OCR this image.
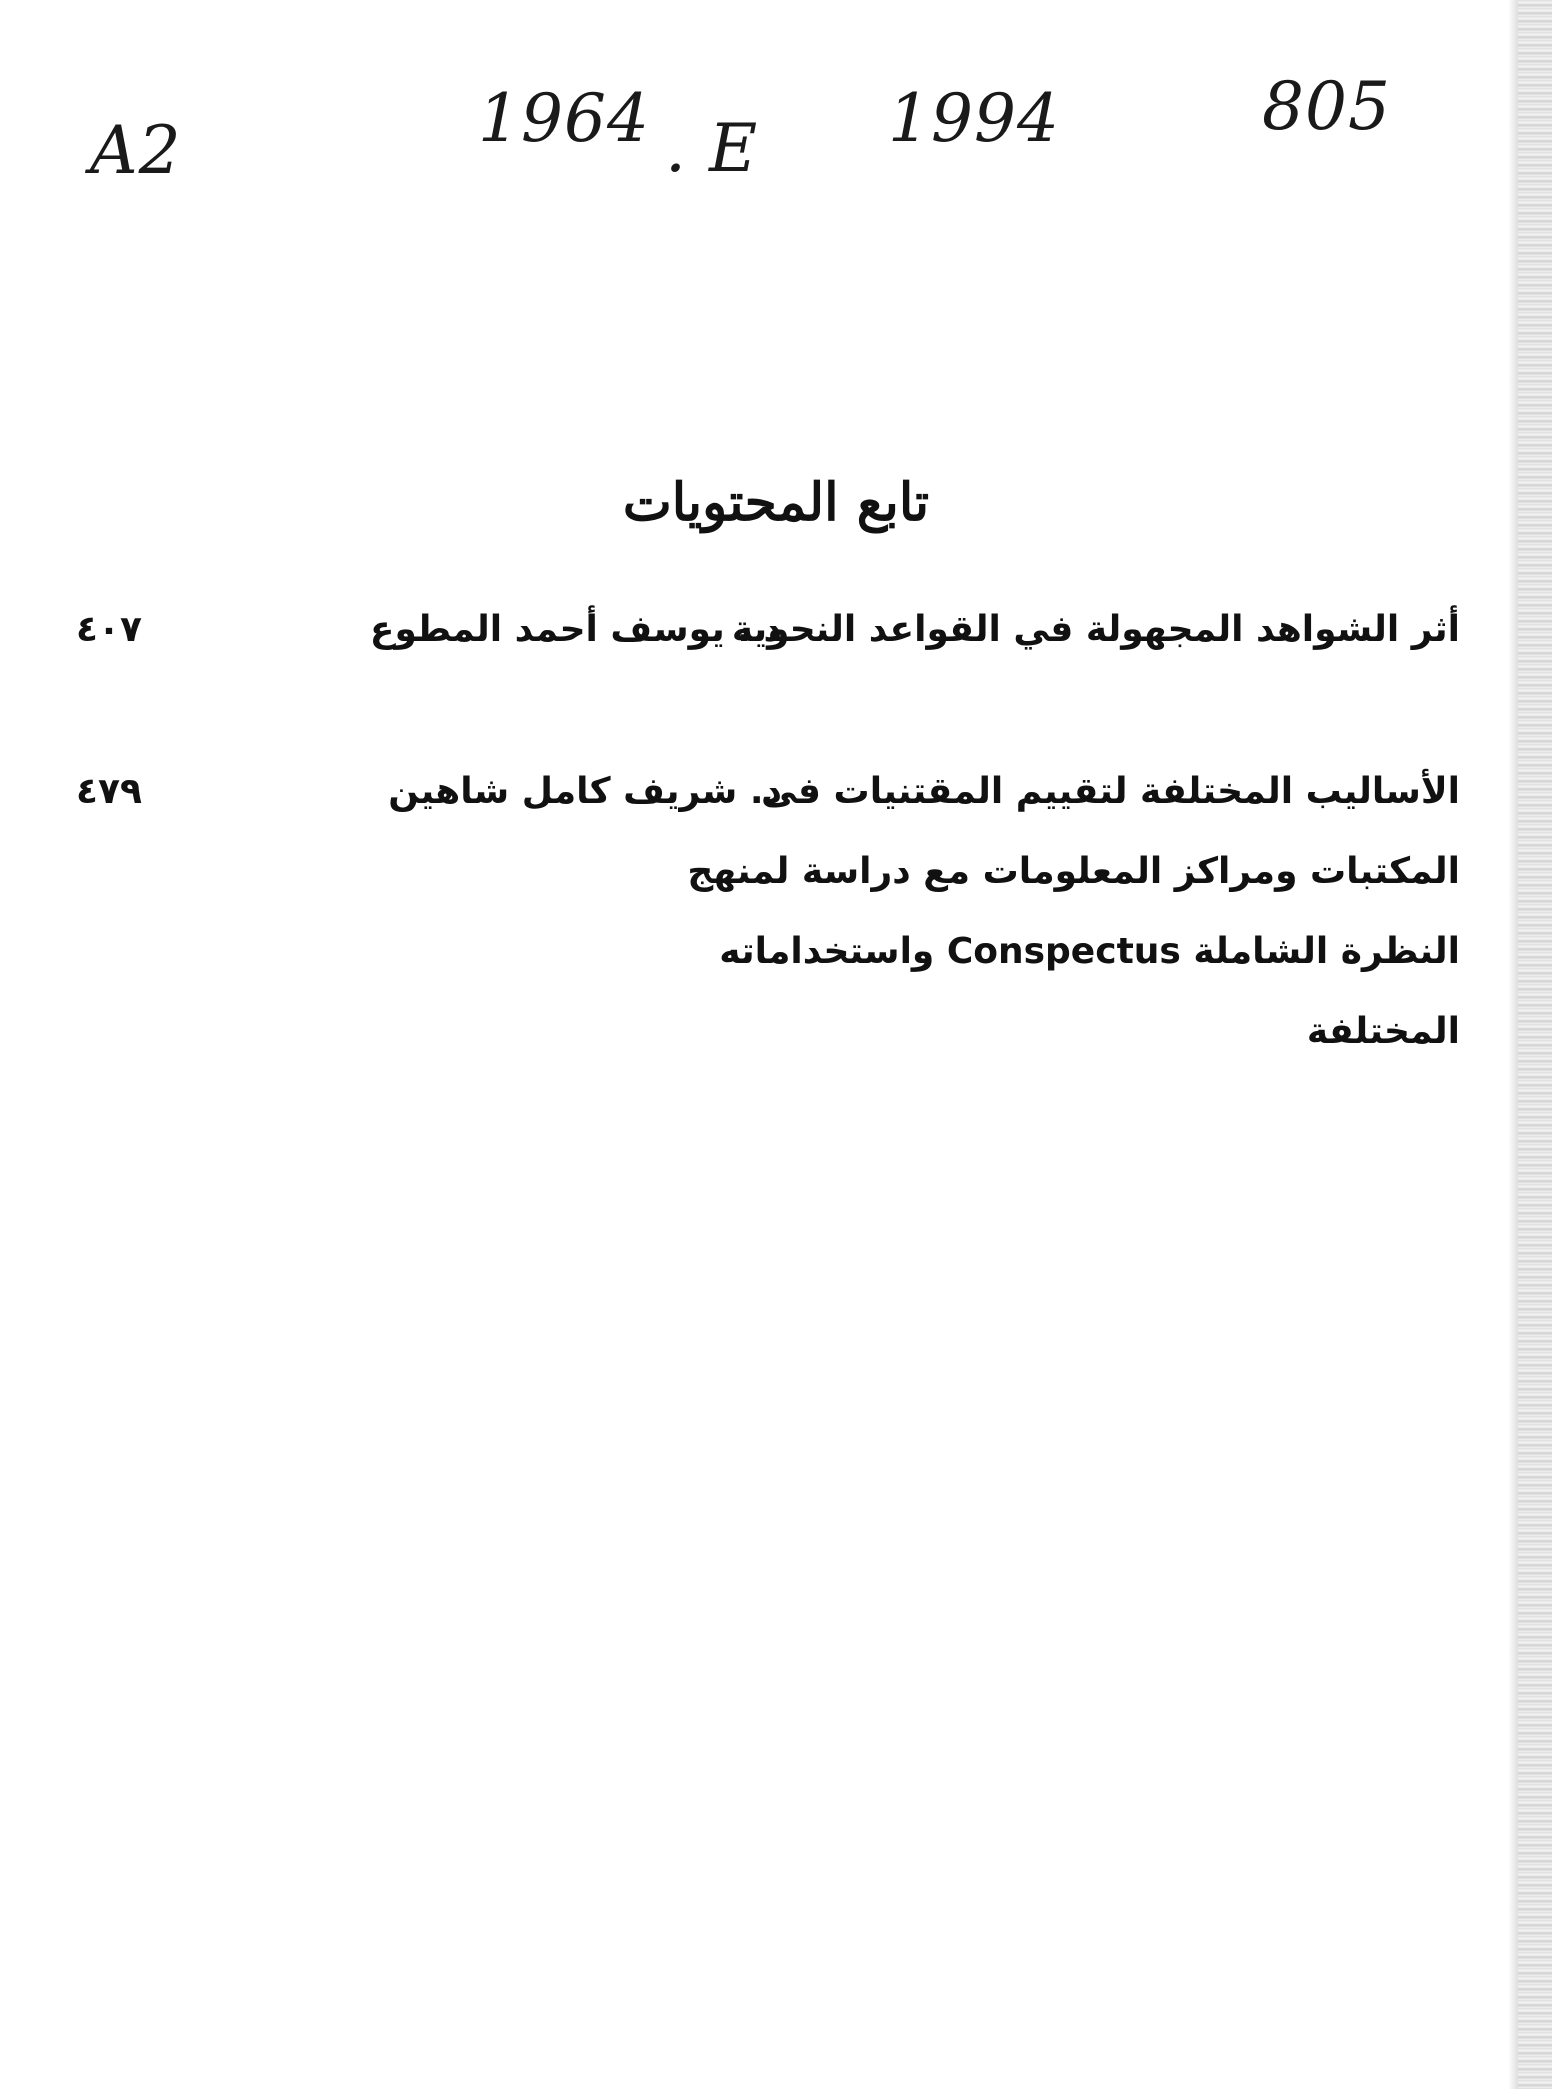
A2	1964 . E 1994	805
تابع المحتويات
أثر الشواهد المجهولة في القواعد النحوية
د . يوسف أحمد المطوع
٤٠٧
الأساليب المختلفة لتقييم المقتنيات فى
المكتبات ومراكز المعلومات مع دراسة لمنهج
النظرة الشاملة Conspectus واستخداماته
المختلفة
د. شريف كامل شاهين
٤٧٩
